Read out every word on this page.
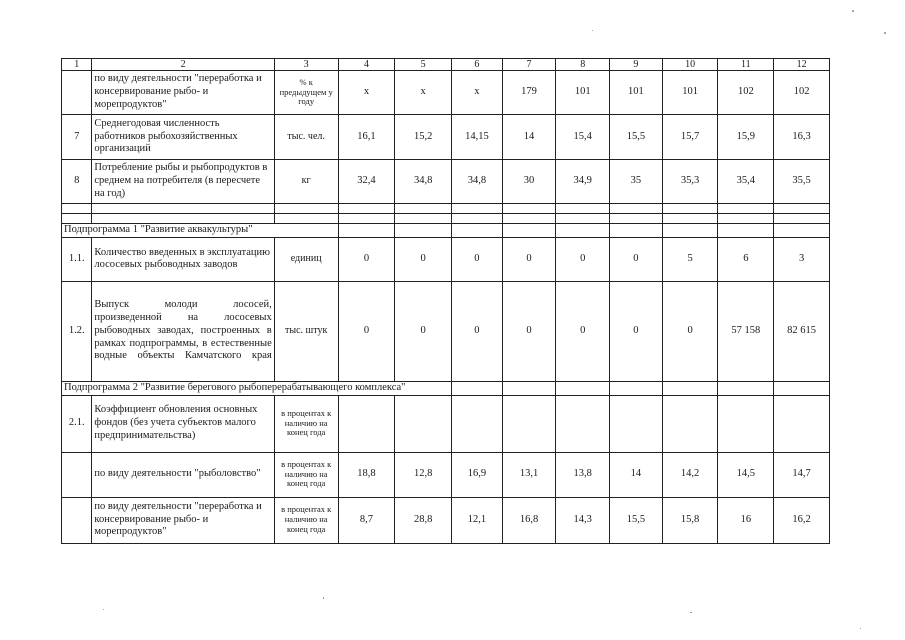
1	2	3	4	5	6	7	8	9	10	11	12
	по виду деятельности "переработка и консервирование рыбо- и морепродуктов"	% к предыдущем у году	х	х	х	179	101	101	101	102	102
7	Среднегодовая численность работников рыбохозяйственных организаций	тыс. чел.	16,1	15,2	14,15	14	15,4	15,5	15,7	15,9	16,3
8	Потребление рыбы и рыбопродуктов в среднем на потребителя (в пересчете на год)	кг	32,4	34,8	34,8	30	34,9	35	35,3	35,4	35,5

Подпрограмма 1 "Развитие аквакультуры"											
1.1.	Количество введенных в эксплуатацию лососевых рыбоводных заводов	единиц	0	0	0	0	0	0	5	6	3
1.2.	Выпуск молоди лососей, произведенной на лососевых рыбоводных заводах, построенных в рамках подпрограммы, в естественные водные объекты Камчатского края	тыс. штук	0	0	0	0	0	0	0	57 158	82 615
Подпрограмма 2 "Развитие берегового рыбоперерабатывающего комплекса"											
2.1.	Коэффициент обновления основных фондов (без учета субъектов малого предпринимательства)	в процентах к наличию на конец года									
	по виду деятельности "рыболовство"	в процентах к наличию на конец года	18,8	12,8	16,9	13,1	13,8	14	14,2	14,5	14,7
	по виду деятельности "переработка и консервирование рыбо- и морепродуктов"	в процентах к наличию на конец года	8,7	28,8	12,1	16,8	14,3	15,5	15,8	16	16,2
